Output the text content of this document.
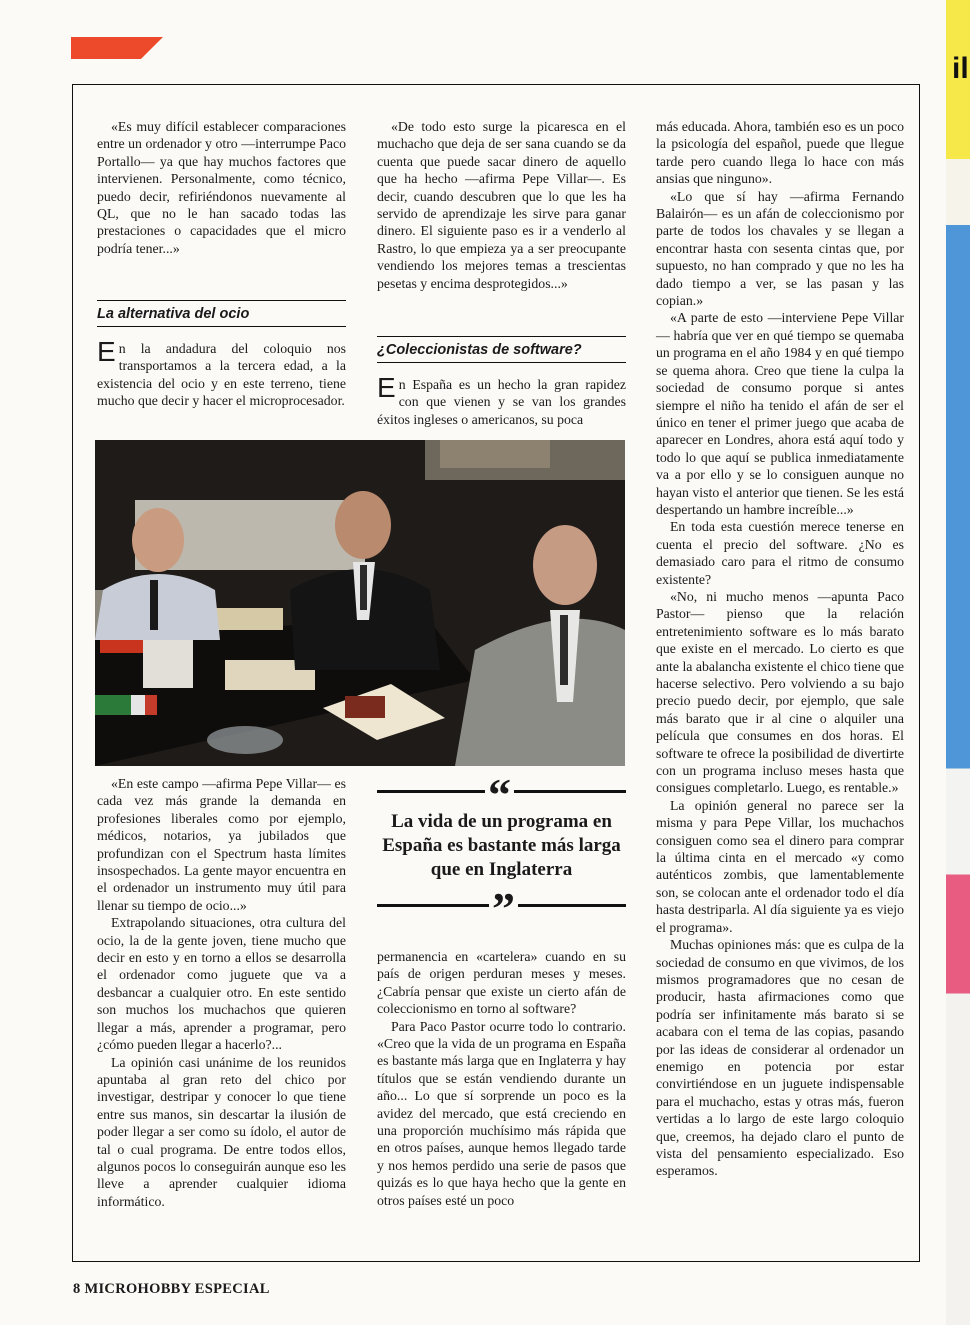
il

«Es muy difícil establecer comparaciones entre un ordenador y otro —interrumpe Paco Portallo— ya que hay muchos factores que intervienen. Personalmente, como técnico, puedo decir, refiriéndonos nuevamente al QL, que no le han sacado todas las prestaciones o capacidades que el micro podría tener...»

La alternativa del ocio

En la andadura del coloquio nos transportamos a la tercera edad, a la existencia del ocio y en este terreno, tiene mucho que decir y hacer el microprocesador.

«De todo esto surge la picaresca en el muchacho que deja de ser sana cuando se da cuenta que puede sacar dinero de aquello que ha hecho —afirma Pepe Villar—. Es decir, cuando descubren que lo que les ha servido de aprendizaje les sirve para ganar dinero. El siguiente paso es ir a venderlo al Rastro, lo que empieza ya a ser preocupante vendiendo los mejores temas a trescientas pesetas y encima desprotegidos...»

¿Coleccionistas de software?

En España es un hecho la gran rapidez con que vienen y se van los grandes éxitos ingleses o americanos, su poca

«En este campo —afirma Pepe Villar— es cada vez más grande la demanda en profesiones liberales como por ejemplo, médicos, notarios, ya jubilados que profundizan con el Spectrum hasta límites insospechados. La gente mayor encuentra en el ordenador un instrumento muy útil para llenar su tiempo de ocio...»

Extrapolando situaciones, otra cultura del ocio, la de la gente joven, tiene mucho que decir en esto y en torno a ellos se desarrolla el ordenador como juguete que va a desbancar a cualquier otro. En este sentido son muchos los muchachos que quieren llegar a más, aprender a programar, pero ¿cómo pueden llegar a hacerlo?...

La opinión casi unánime de los reunidos apuntaba al gran reto del chico por investigar, destripar y conocer lo que tiene entre sus manos, sin descartar la ilusión de poder llegar a ser como su ídolo, el autor de tal o cual programa. De entre todos ellos, algunos pocos lo conseguirán aunque eso les lleve a aprender cualquier idioma informático.

“
La vida de un programa en España es bastante más larga que en Inglaterra
”

permanencia en «cartelera» cuando en su país de origen perduran meses y meses. ¿Cabría pensar que existe un cierto afán de coleccionismo en torno al software?

Para Paco Pastor ocurre todo lo contrario. «Creo que la vida de un programa en España es bastante más larga que en Inglaterra y hay títulos que se están vendiendo durante un año... Lo que sí sorprende un poco es la avidez del mercado, que está creciendo en una proporción muchísimo más rápida que en otros países, aunque hemos llegado tarde y nos hemos perdido una serie de pasos que quizás es lo que haya hecho que la gente en otros países esté un poco

más educada. Ahora, también eso es un poco la psicología del español, puede que llegue tarde pero cuando llega lo hace con más ansias que ninguno».

«Lo que sí hay —afirma Fernando Balairón— es un afán de coleccionismo por parte de todos los chavales y se llegan a encontrar hasta con sesenta cintas que, por supuesto, no han comprado y que no les ha dado tiempo a ver, se las pasan y las copian.»

«A parte de esto —interviene Pepe Villar— habría que ver en qué tiempo se quemaba un programa en el año 1984 y en qué tiempo se quema ahora. Creo que tiene la culpa la sociedad de consumo porque si antes siempre el niño ha tenido el afán de ser el único en tener el primer juego que acaba de aparecer en Londres, ahora está aquí todo y todo lo que aquí se publica inmediatamente va a por ello y se lo consiguen aunque no hayan visto el anterior que tienen. Se les está despertando un hambre increíble...»

En toda esta cuestión merece tenerse en cuenta el precio del software. ¿No es demasiado caro para el ritmo de consumo existente?

«No, ni mucho menos —apunta Paco Pastor— pienso que la relación entretenimiento software es lo más barato que existe en el mercado. Lo cierto es que ante la abalancha existente el chico tiene que hacerse selectivo. Pero volviendo a su bajo precio puedo decir, por ejemplo, que sale más barato que ir al cine o alquiler una película que consumes en dos horas. El software te ofrece la posibilidad de divertirte con un programa incluso meses hasta que consigues completarlo. Luego, es rentable.»

La opinión general no parece ser la misma y para Pepe Villar, los muchachos consiguen como sea el dinero para comprar la última cinta en el mercado «y como auténticos zombis, que lamentablemente son, se colocan ante el ordenador todo el día hasta destriparla. Al día siguiente ya es viejo el programa».

Muchas opiniones más: que es culpa de la sociedad de consumo en que vivimos, de los mismos programadores que no cesan de producir, hasta afirmaciones como que podría ser infinitamente más barato si se acabara con el tema de las copias, pasando por las ideas de considerar al ordenador un enemigo en potencia por estar convirtiéndose en un juguete indispensable para el muchacho, estas y otras más, fueron vertidas a lo largo de este largo coloquio que, creemos, ha dejado claro el punto de vista del pensamiento especializado. Eso esperamos.

8 MICROHOBBY ESPECIAL
